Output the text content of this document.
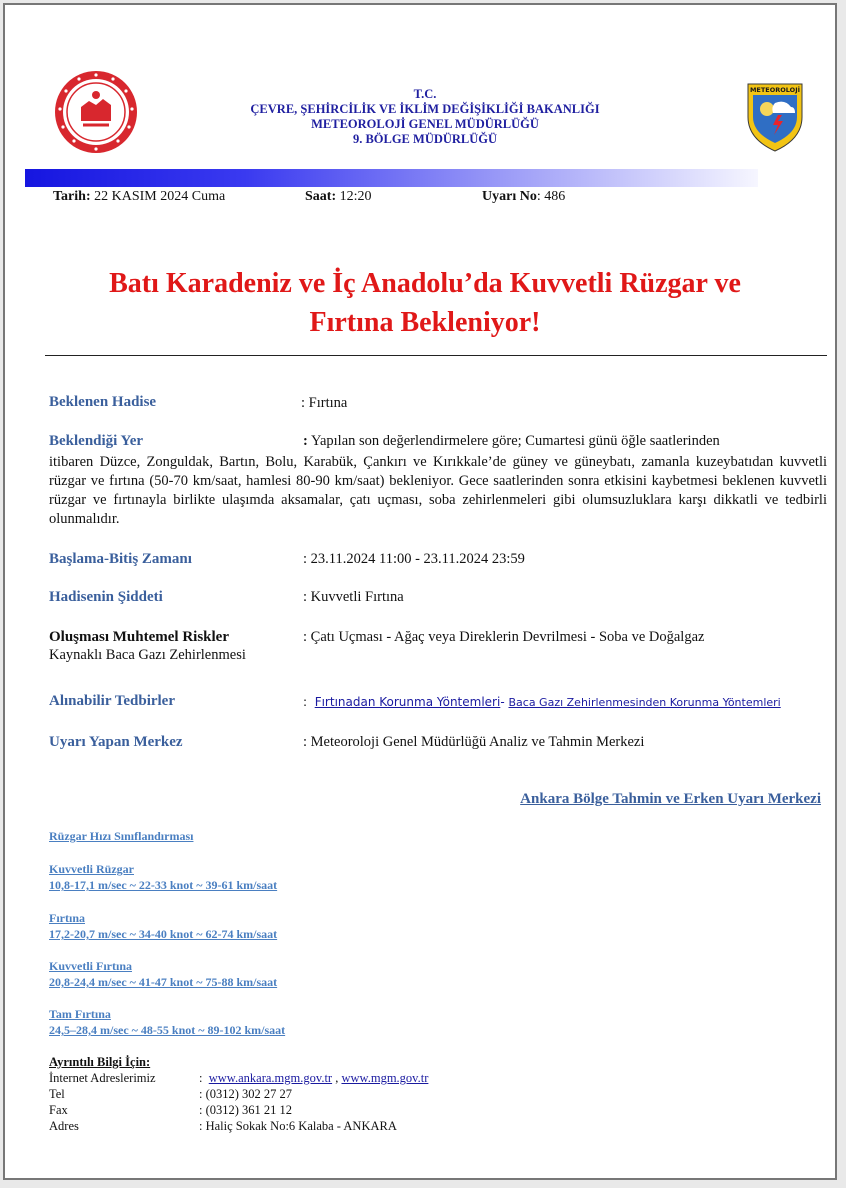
T.C.
ÇEVRE, ŞEHİRCİLİK VE İKLİM DEĞİŞİKLİĞİ BAKANLIĞI
METEOROLOJİ GENEL MÜDÜRLÜĞÜ
9. BÖLGE MÜDÜRLÜĞÜ
METEOROLOJİ
Tarih: 22 KASIM 2024 Cuma	Saat: 12:20	Uyarı No: 486
Batı Karadeniz ve İç Anadolu’da Kuvvetli Rüzgar ve
Fırtına Bekleniyor!
Beklenen Hadise	: Fırtına
Beklendiği Yer	: Yapılan son değerlendirmelere göre; Cumartesi günü öğle saatlerinden
itibaren Düzce, Zonguldak, Bartın, Bolu, Karabük, Çankırı ve Kırıkkale’de güney ve güneybatı, zamanla kuzeybatıdan kuvvetli rüzgar ve fırtına (50-70 km/saat, hamlesi 80-90 km/saat) bekleniyor. Gece saatlerinden sonra etkisini kaybetmesi beklenen kuvvetli rüzgar ve fırtınayla birlikte ulaşımda aksamalar, çatı uçması, soba zehirlenmeleri gibi olumsuzluklara karşı dikkatli ve tedbirli olunmalıdır.
Başlama-Bitiş Zamanı	: 23.11.2024 11:00 - 23.11.2024 23:59
Hadisenin Şiddeti	: Kuvvetli Fırtına
Oluşması Muhtemel Riskler	: Çatı Uçması - Ağaç veya Direklerin Devrilmesi - Soba ve Doğalgaz
Kaynaklı Baca Gazı Zehirlenmesi
Alınabilir Tedbirler	: Fırtınadan Korunma Yöntemleri- Baca Gazı Zehirlenmesinden Korunma Yöntemleri
Uyarı Yapan Merkez	: Meteoroloji Genel Müdürlüğü Analiz ve Tahmin Merkezi
Ankara Bölge Tahmin ve Erken Uyarı Merkezi
Rüzgar Hızı Sınıflandırması
Kuvvetli Rüzgar
10,8-17,1 m/sec ~ 22-33 knot ~ 39-61 km/saat
Fırtına
17,2-20,7 m/sec ~ 34-40 knot ~ 62-74 km/saat
Kuvvetli Fırtına
20,8-24,4 m/sec ~ 41-47 knot ~ 75-88 km/saat
Tam Fırtına
24,5–28,4 m/sec ~ 48-55 knot ~ 89-102 km/saat
Ayrıntılı Bilgi İçin:
İnternet Adreslerimiz	: www.ankara.mgm.gov.tr , www.mgm.gov.tr
Tel	: (0312) 302 27 27
Fax	: (0312) 361 21 12
Adres	: Haliç Sokak No:6 Kalaba - ANKARA
